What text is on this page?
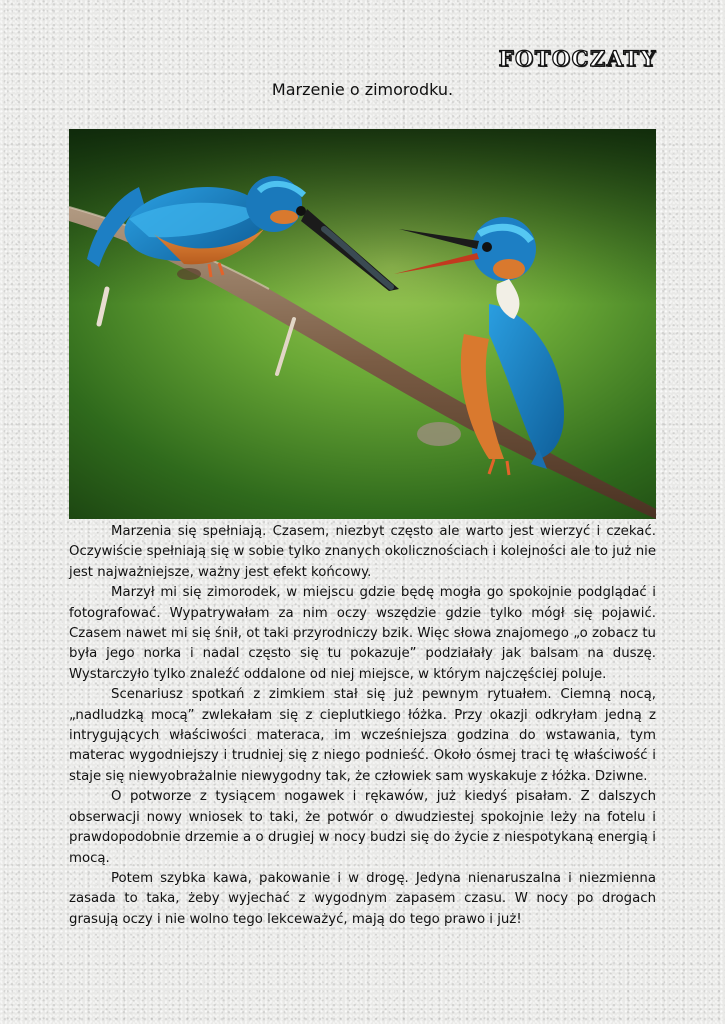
FOTOCZATY
Marzenie o zimorodku.

Marzenia się spełniają. Czasem, niezbyt często ale warto jest wierzyć i czekać. Oczywiście spełniają się w sobie tylko znanych okolicznościach i kolejności ale to już nie jest najważniejsze, ważny jest efekt końcowy.

Marzył mi się zimorodek, w miejscu gdzie będę mogła go spokojnie podglądać i fotografować. Wypatrywałam za nim oczy wszędzie gdzie tylko mógł się pojawić. Czasem nawet mi się śnił, ot taki przyrodniczy bzik. Więc słowa znajomego „o zobacz tu była jego norka i nadal często się tu pokazuje” podziałały jak balsam na duszę. Wystarczyło tylko znaleźć oddalone od niej miejsce, w którym najczęściej poluje.

Scenariusz spotkań z zimkiem stał się już pewnym rytuałem. Ciemną nocą, „nadludzką mocą” zwlekałam się z cieplutkiego łóżka. Przy okazji odkryłam jedną z intrygujących właściwości materaca, im wcześniejsza godzina do wstawania, tym materac wygodniejszy i trudniej się z niego podnieść. Około ósmej traci tę właściwość i staje się niewyobrażalnie niewygodny tak, że człowiek sam wyskakuje z łóżka. Dziwne.

O potworze z tysiącem nogawek i rękawów, już kiedyś pisałam. Z dalszych obserwacji nowy wniosek to taki, że potwór o dwudziestej spokojnie leży na fotelu i prawdopodobnie drzemie a o drugiej w nocy budzi się do życie z niespotykaną energią i mocą.

Potem szybka kawa, pakowanie i w drogę. Jedyna nienaruszalna i niezmienna zasada to taka, żeby wyjechać z wygodnym zapasem czasu. W nocy po drogach grasują oczy i nie wolno tego lekceważyć, mają do tego prawo i już!
